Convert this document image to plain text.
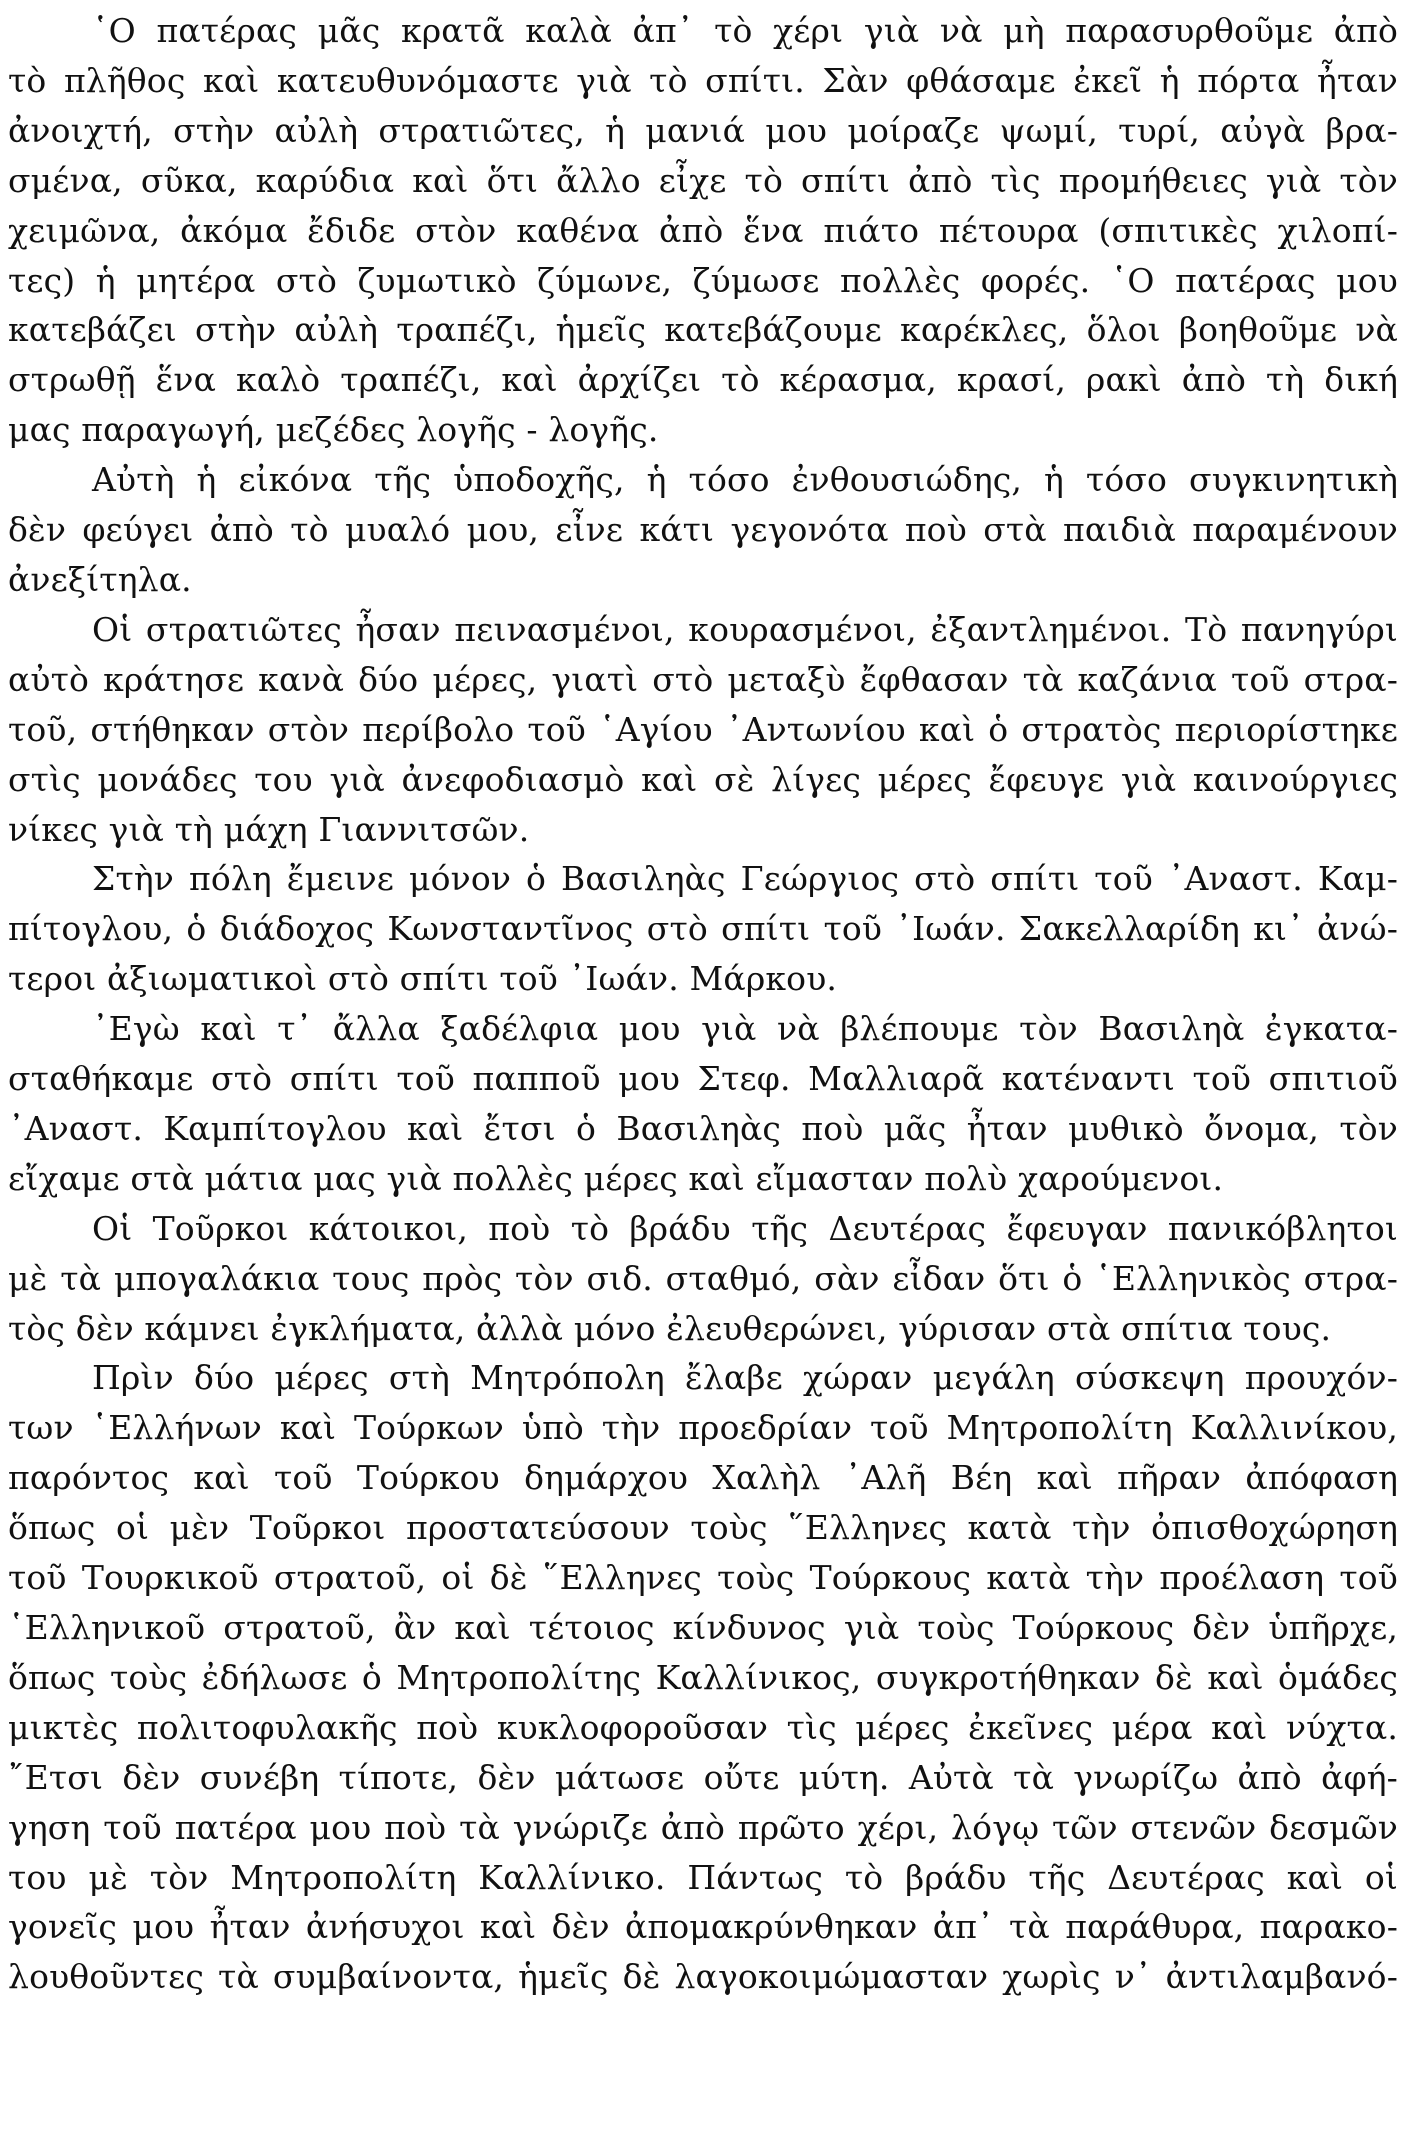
῾Ο πατέρας μᾶς κρατᾶ καλὰ ἀπ᾽ τὸ χέρι γιὰ νὰ μὴ παρασυρθοῦμε ἀπὸ
τὸ πλῆθος καὶ κατευθυνόμαστε γιὰ τὸ σπίτι. Σὰν φθάσαμε ἐκεῖ ἡ πόρτα ἦταν
ἀνοιχτή, στὴν αὐλὴ στρατιῶτες, ἡ μανιά μου μοίραζε ψωμί, τυρί, αὐγὰ βρα-
σμένα, σῦκα, καρύδια καὶ ὅτι ἄλλο εἶχε τὸ σπίτι ἀπὸ τὶς προμήθειες γιὰ τὸν
χειμῶνα, ἀκόμα ἔδιδε στὸν καθένα ἀπὸ ἕνα πιάτο πέτουρα (σπιτικὲς χιλοπί-
τες) ἡ μητέρα στὸ ζυμωτικὸ ζύμωνε, ζύμωσε πολλὲς φορές. ῾Ο πατέρας μου
κατεβάζει στὴν αὐλὴ τραπέζι, ἡμεῖς κατεβάζουμε καρέκλες, ὅλοι βοηθοῦμε νὰ
στρωθῇ ἕνα καλὸ τραπέζι, καὶ ἀρχίζει τὸ κέρασμα, κρασί, ρακὶ ἀπὸ τὴ δική
μας παραγωγή, μεζέδες λογῆς - λογῆς.

Αὐτὴ ἡ εἰκόνα τῆς ὑποδοχῆς, ἡ τόσο ἐνθουσιώδης, ἡ τόσο συγκινητικὴ
δὲν φεύγει ἀπὸ τὸ μυαλό μου, εἶνε κάτι γεγονότα ποὺ στὰ παιδιὰ παραμένουν
ἀνεξίτηλα.

Οἱ στρατιῶτες ἦσαν πεινασμένοι, κουρασμένοι, ἐξαντλημένοι. Τὸ πανηγύρι
αὐτὸ κράτησε κανὰ δύο μέρες, γιατὶ στὸ μεταξὺ ἔφθασαν τὰ καζάνια τοῦ στρα-
τοῦ, στήθηκαν στὸν περίβολο τοῦ ῾Αγίου ᾿Αντωνίου καὶ ὁ στρατὸς περιορίστηκε
στὶς μονάδες του γιὰ ἀνεφοδιασμὸ καὶ σὲ λίγες μέρες ἔφευγε γιὰ καινούργιες
νίκες γιὰ τὴ μάχη Γιαννιτσῶν.

Στὴν πόλη ἔμεινε μόνον ὁ Βασιληὰς Γεώργιος στὸ σπίτι τοῦ ᾿Αναστ. Καμ-
πίτογλου, ὁ διάδοχος Κωνσταντῖνος στὸ σπίτι τοῦ ᾿Ιωάν. Σακελλαρίδη κι᾽ ἀνώ-
τεροι ἀξιωματικοὶ στὸ σπίτι τοῦ ᾿Ιωάν. Μάρκου.

᾿Εγὼ καὶ τ᾽ ἄλλα ξαδέλφια μου γιὰ νὰ βλέπουμε τὸν Βασιληὰ ἐγκατα-
σταθήκαμε στὸ σπίτι τοῦ παπποῦ μου Στεφ. Μαλλιαρᾶ κατέναντι τοῦ σπιτιοῦ
᾿Αναστ. Καμπίτογλου καὶ ἔτσι ὁ Βασιληὰς ποὺ μᾶς ἦταν μυθικὸ ὄνομα, τὸν
εἴχαμε στὰ μάτια μας γιὰ πολλὲς μέρες καὶ εἴμασταν πολὺ χαρούμενοι.

Οἱ Τοῦρκοι κάτοικοι, ποὺ τὸ βράδυ τῆς Δευτέρας ἔφευγαν πανικόβλητοι
μὲ τὰ μπογαλάκια τους πρὸς τὸν σιδ. σταθμό, σὰν εἶδαν ὅτι ὁ ῾Ελληνικὸς στρα-
τὸς δὲν κάμνει ἐγκλήματα, ἀλλὰ μόνο ἐλευθερώνει, γύρισαν στὰ σπίτια τους.

Πρὶν δύο μέρες στὴ Μητρόπολη ἔλαβε χώραν μεγάλη σύσκεψη προυχόν-
των ῾Ελλήνων καὶ Τούρκων ὑπὸ τὴν προεδρίαν τοῦ Μητροπολίτη Καλλινίκου,
παρόντος καὶ τοῦ Τούρκου δημάρχου Χαλὴλ ᾿Αλῆ Βέη καὶ πῆραν ἀπόφαση
ὅπως οἱ μὲν Τοῦρκοι προστατεύσουν τοὺς ῞Ελληνες κατὰ τὴν ὀπισθοχώρηση
τοῦ Τουρκικοῦ στρατοῦ, οἱ δὲ ῞Ελληνες τοὺς Τούρκους κατὰ τὴν προέλαση τοῦ
῾Ελληνικοῦ στρατοῦ, ἂν καὶ τέτοιος κίνδυνος γιὰ τοὺς Τούρκους δὲν ὑπῆρχε,
ὅπως τοὺς ἐδήλωσε ὁ Μητροπολίτης Καλλίνικος, συγκροτήθηκαν δὲ καὶ ὁμάδες
μικτὲς πολιτοφυλακῆς ποὺ κυκλοφοροῦσαν τὶς μέρες ἐκεῖνες μέρα καὶ νύχτα.
῎Ετσι δὲν συνέβη τίποτε, δὲν μάτωσε οὔτε μύτη. Αὐτὰ τὰ γνωρίζω ἀπὸ ἀφή-
γηση τοῦ πατέρα μου ποὺ τὰ γνώριζε ἀπὸ πρῶτο χέρι, λόγῳ τῶν στενῶν δεσμῶν
του μὲ τὸν Μητροπολίτη Καλλίνικο. Πάντως τὸ βράδυ τῆς Δευτέρας καὶ οἱ
γονεῖς μου ἦταν ἀνήσυχοι καὶ δὲν ἀπομακρύνθηκαν ἀπ᾽ τὰ παράθυρα, παρακο-
λουθοῦντες τὰ συμβαίνοντα, ἡμεῖς δὲ λαγοκοιμώμασταν χωρὶς ν᾽ ἀντιλαμβανό-
